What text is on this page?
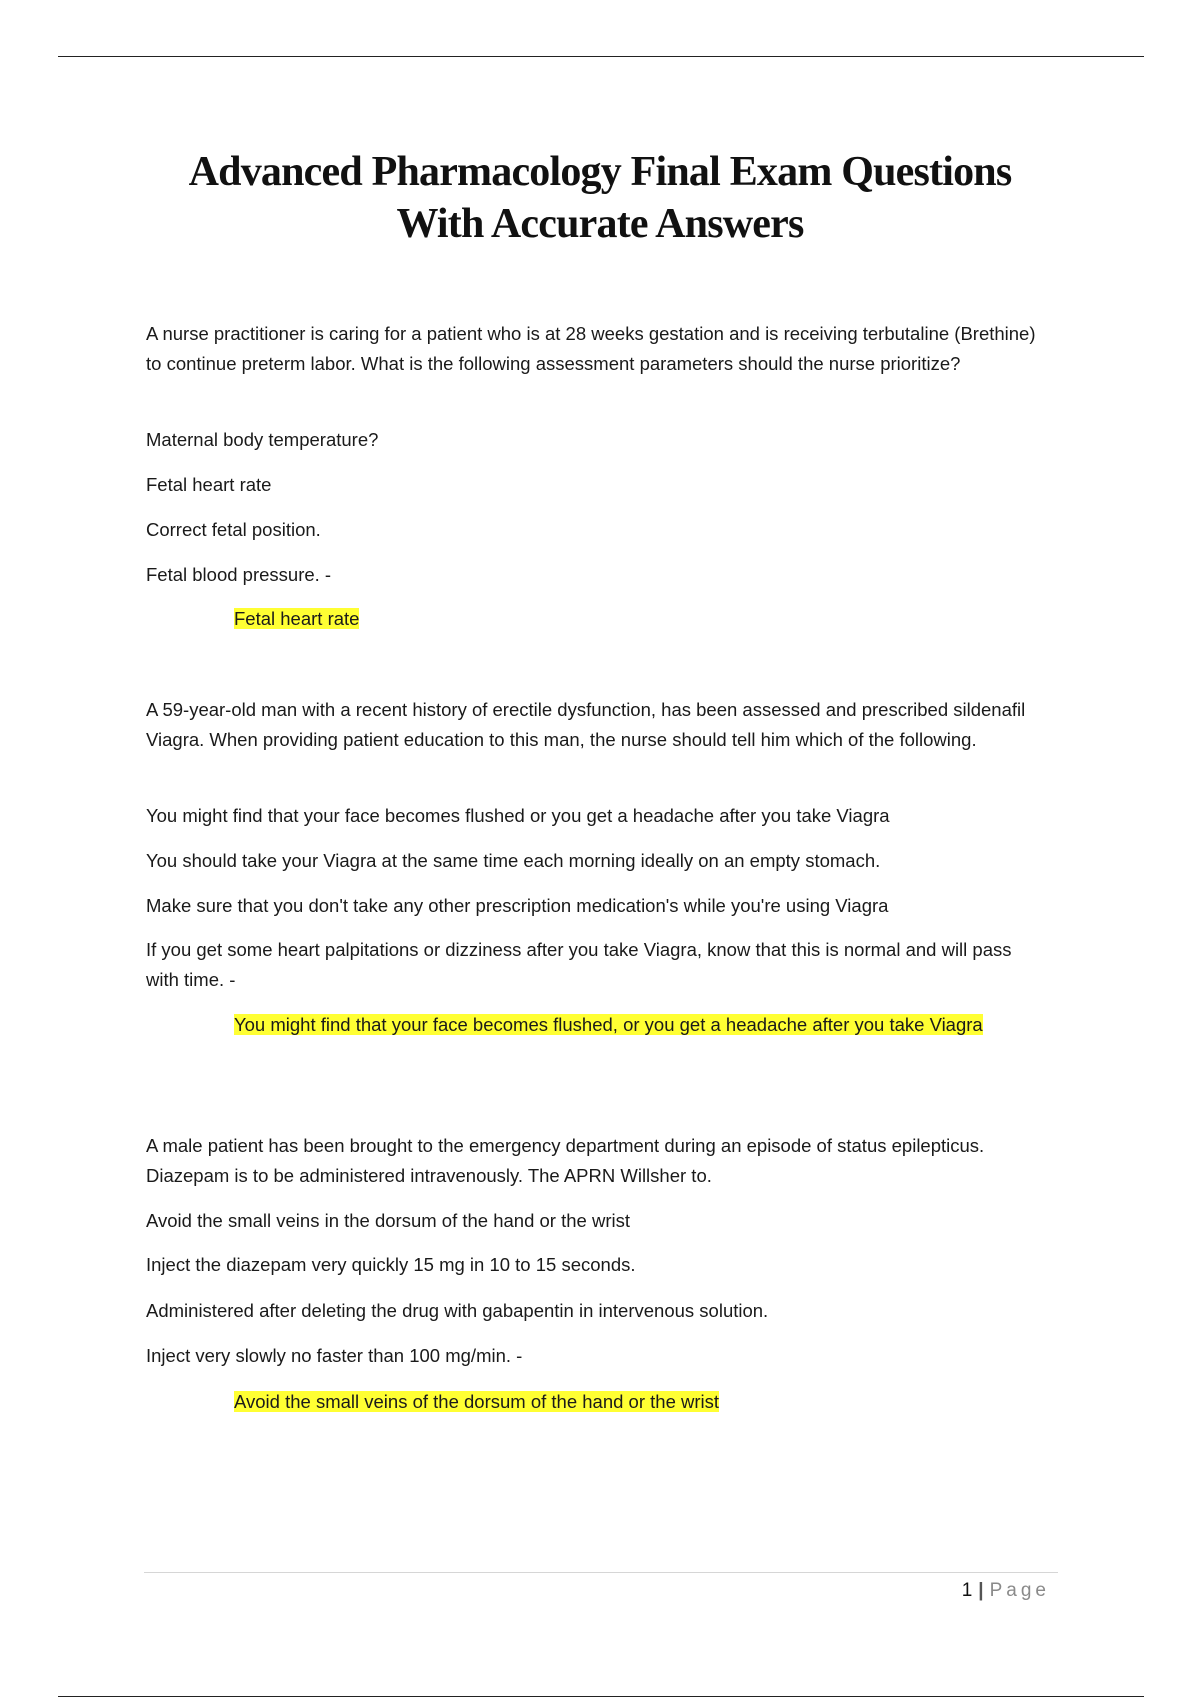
Advanced Pharmacology Final Exam Questions
With Accurate Answers

A nurse practitioner is caring for a patient who is at 28 weeks gestation and is receiving terbutaline (Brethine) to continue preterm labor. What is the following assessment parameters should the nurse prioritize?

Maternal body temperature?

Fetal heart rate

Correct fetal position.

Fetal blood pressure. -

Fetal heart rate

A 59-year-old man with a recent history of erectile dysfunction, has been assessed and prescribed sildenafil Viagra. When providing patient education to this man, the nurse should tell him which of the following.

You might find that your face becomes flushed or you get a headache after you take Viagra

You should take your Viagra at the same time each morning ideally on an empty stomach.

Make sure that you don't take any other prescription medication's while you're using Viagra

If you get some heart palpitations or dizziness after you take Viagra, know that this is normal and will pass with time. -

You might find that your face becomes flushed, or you get a headache after you take Viagra

A male patient has been brought to the emergency department during an episode of status epilepticus. Diazepam is to be administered intravenously. The APRN Willsher to.

Avoid the small veins in the dorsum of the hand or the wrist

Inject the diazepam very quickly 15 mg in 10 to 15 seconds.

Administered after deleting the drug with gabapentin in intervenous solution.

Inject very slowly no faster than 100 mg/min. -

Avoid the small veins of the dorsum of the hand or the wrist

1 | Page
